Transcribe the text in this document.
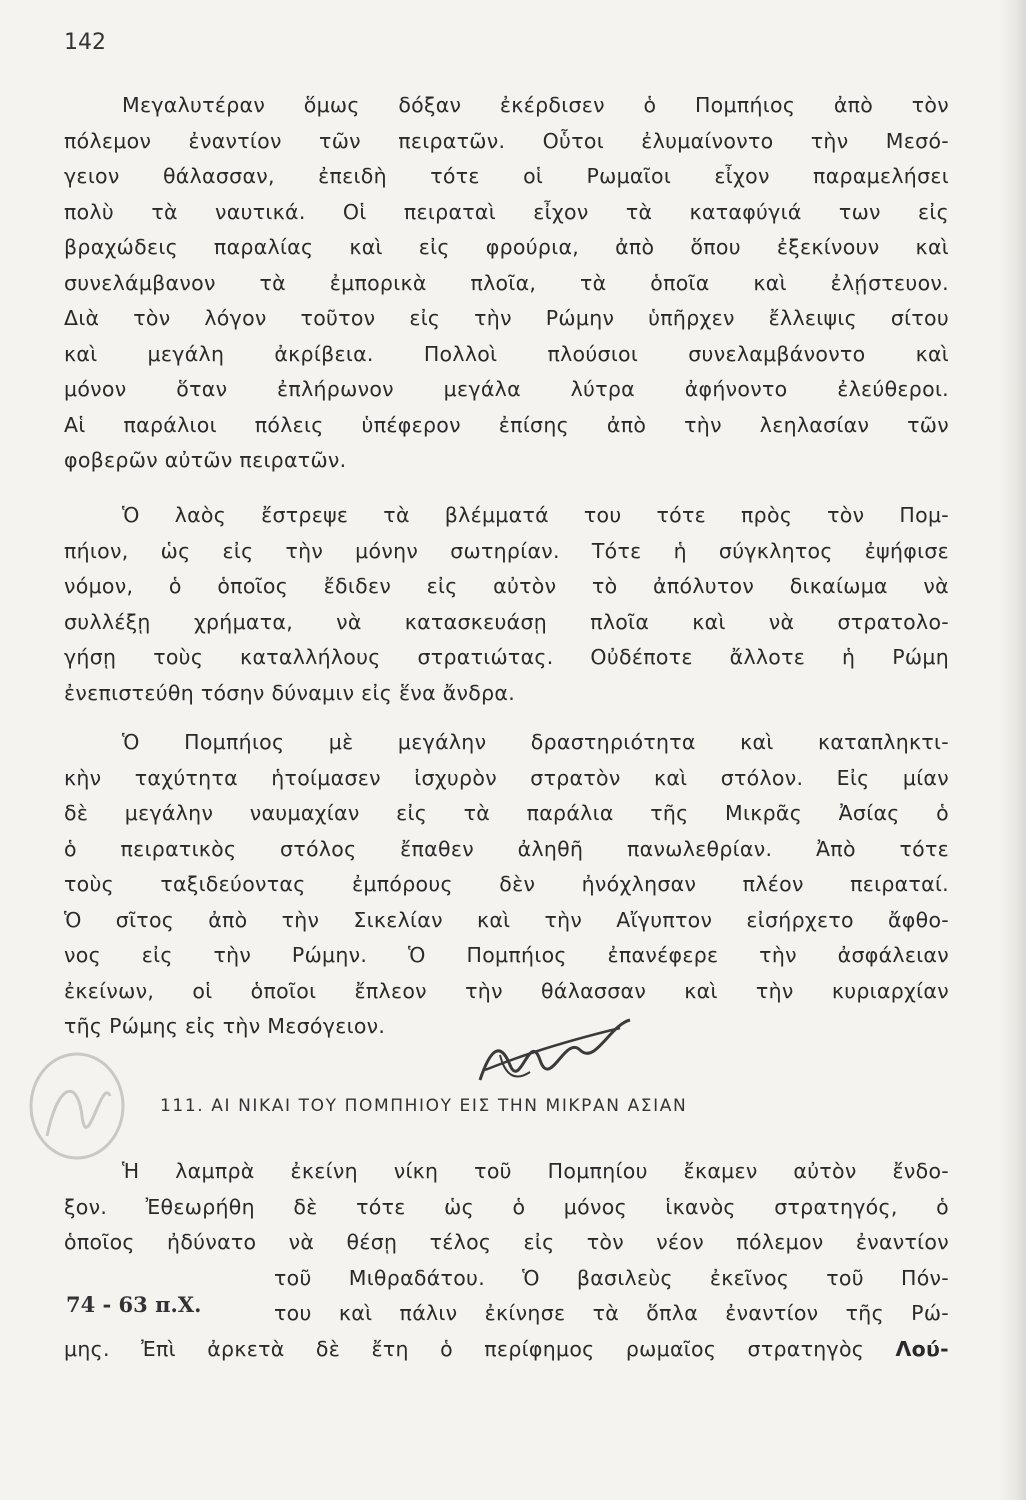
142

Μεγαλυτέραν ὅμως δόξαν ἐκέρδισεν ὁ Πομπήιος ἀπὸ τὸν
πόλεμον ἐναντίον τῶν πειρατῶν. Οὗτοι ἐλυμαίνοντο τὴν Μεσό-
γειον θάλασσαν, ἐπειδὴ τότε οἱ Ρωμαῖοι εἶχον παραμελήσει
πολὺ τὰ ναυτικά. Οἱ πειραταὶ εἶχον τὰ καταφύγιά των εἰς
βραχώδεις παραλίας καὶ εἰς φρούρια, ἀπὸ ὅπου ἐξεκίνουν καὶ
συνελάμβανον τὰ ἐμπορικὰ πλοῖα, τὰ ὁποῖα καὶ ἐλῄστευον.
Διὰ τὸν λόγον τοῦτον εἰς τὴν Ρώμην ὑπῆρχεν ἔλλειψις σίτου
καὶ μεγάλη ἀκρίβεια. Πολλοὶ πλούσιοι συνελαμβάνοντο καὶ
μόνον ὅταν ἐπλήρωνον μεγάλα λύτρα ἀφήνοντο ἐλεύθεροι.
Αἱ παράλιοι πόλεις ὑπέφερον ἐπίσης ἀπὸ τὴν λεηλασίαν τῶν
φοβερῶν αὐτῶν πειρατῶν.

Ὁ λαὸς ἔστρεψε τὰ βλέμματά του τότε πρὸς τὸν Πομ-
πήιον, ὡς εἰς τὴν μόνην σωτηρίαν. Τότε ἡ σύγκλητος ἐψήφισε
νόμον, ὁ ὁποῖος ἔδιδεν εἰς αὐτὸν τὸ ἀπόλυτον δικαίωμα νὰ
συλλέξῃ χρήματα, νὰ κατασκευάσῃ πλοῖα καὶ νὰ στρατολο-
γήσῃ τοὺς καταλλήλους στρατιώτας. Οὐδέποτε ἄλλοτε ἡ Ρώμη
ἐνεπιστεύθη τόσην δύναμιν εἰς ἕνα ἄνδρα.

Ὁ Πομπήιος μὲ μεγάλην δραστηριότητα καὶ καταπληκτι-
κὴν ταχύτητα ἡτοίμασεν ἰσχυρὸν στρατὸν καὶ στόλον. Εἰς μίαν
δὲ μεγάλην ναυμαχίαν εἰς τὰ παράλια τῆς Μικρᾶς Ἀσίας ὁ
ὁ πειρατικὸς στόλος ἔπαθεν ἀληθῆ πανωλεθρίαν. Ἀπὸ τότε
τοὺς ταξιδεύοντας ἐμπόρους δὲν ἠνόχλησαν πλέον πειραταί.
Ὁ σῖτος ἀπὸ τὴν Σικελίαν καὶ τὴν Αἴγυπτον εἰσήρχετο ἄφθο-
νος εἰς τὴν Ρώμην. Ὁ Πομπήιος ἐπανέφερε τὴν ἀσφάλειαν
ἐκείνων, οἱ ὁποῖοι ἔπλεον τὴν θάλασσαν καὶ τὴν κυριαρχίαν
τῆς Ρώμης εἰς τὴν Μεσόγειον.

111. ΑΙ ΝΙΚΑΙ ΤΟΥ ΠΟΜΠΗΙΟΥ ΕΙΣ ΤΗΝ ΜΙΚΡΑΝ ΑΣΙΑΝ

Ἡ λαμπρὰ ἐκείνη νίκη τοῦ Πομπηίου ἔκαμεν αὐτὸν ἔνδο-
ξον. Ἐθεωρήθη δὲ τότε ὡς ὁ μόνος ἱκανὸς στρατηγός, ὁ
ὁποῖος ἠδύνατο νὰ θέσῃ τέλος εἰς τὸν νέον πόλεμον ἐναντίον
τοῦ Μιθραδάτου. Ὁ βασιλεὺς ἐκεῖνος τοῦ Πόν-
του καὶ πάλιν ἐκίνησε τὰ ὅπλα ἐναντίον τῆς Ρώ-
μης. Ἐπὶ ἀρκετὰ δὲ ἔτη ὁ περίφημος ρωμαῖος στρατηγὸς Λού-

74 - 63 π.Χ.
